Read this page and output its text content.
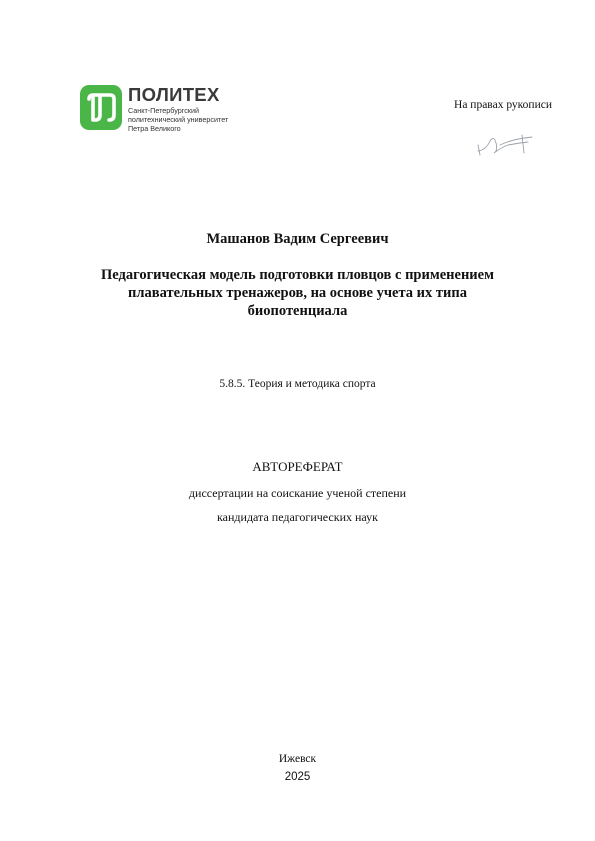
ПОЛИТЕХ
Санкт-Петербургский
политехнический университет
Петра Великого
На правах рукописи
Машанов Вадим Сергеевич
Педагогическая модель подготовки пловцов с применением
плавательных тренажеров, на основе учета их типа
биопотенциала
5.8.5. Теория и методика спорта
АВТОРЕФЕРАТ
диссертации на соискание ученой степени
кандидата педагогических наук
Ижевск
2025
